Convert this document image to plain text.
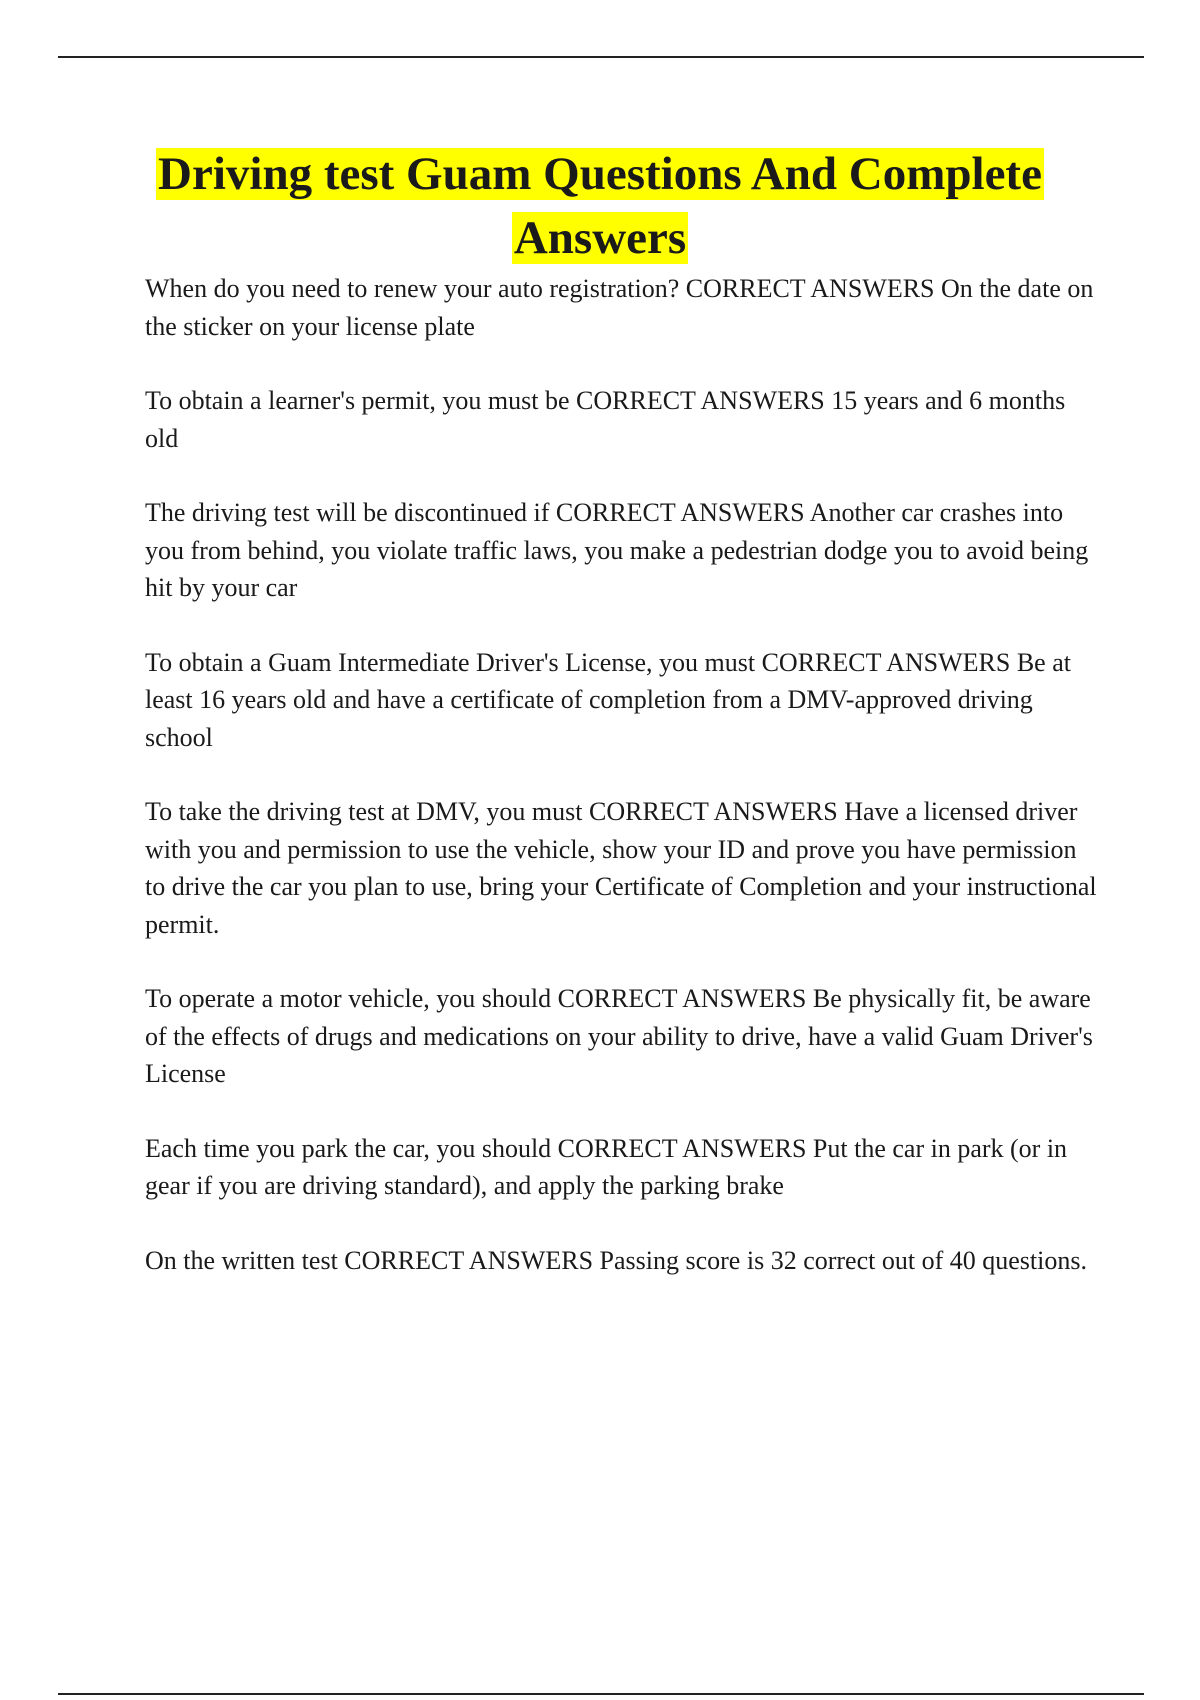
Driving test Guam Questions And Complete
Answers

When do you need to renew your auto registration? CORRECT ANSWERS On the date on the sticker on your license plate

To obtain a learner's permit, you must be CORRECT ANSWERS 15 years and 6 months old

The driving test will be discontinued if CORRECT ANSWERS Another car crashes into you from behind, you violate traffic laws, you make a pedestrian dodge you to avoid being hit by your car

To obtain a Guam Intermediate Driver's License, you must CORRECT ANSWERS Be at least 16 years old and have a certificate of completion from a DMV-approved driving school

To take the driving test at DMV, you must CORRECT ANSWERS Have a licensed driver with you and permission to use the vehicle, show your ID and prove you have permission to drive the car you plan to use, bring your Certificate of Completion and your instructional permit.

To operate a motor vehicle, you should CORRECT ANSWERS Be physically fit, be aware of the effects of drugs and medications on your ability to drive, have a valid Guam Driver's License

Each time you park the car, you should CORRECT ANSWERS Put the car in park (or in gear if you are driving standard), and apply the parking brake

On the written test CORRECT ANSWERS Passing score is 32 correct out of 40 questions.
